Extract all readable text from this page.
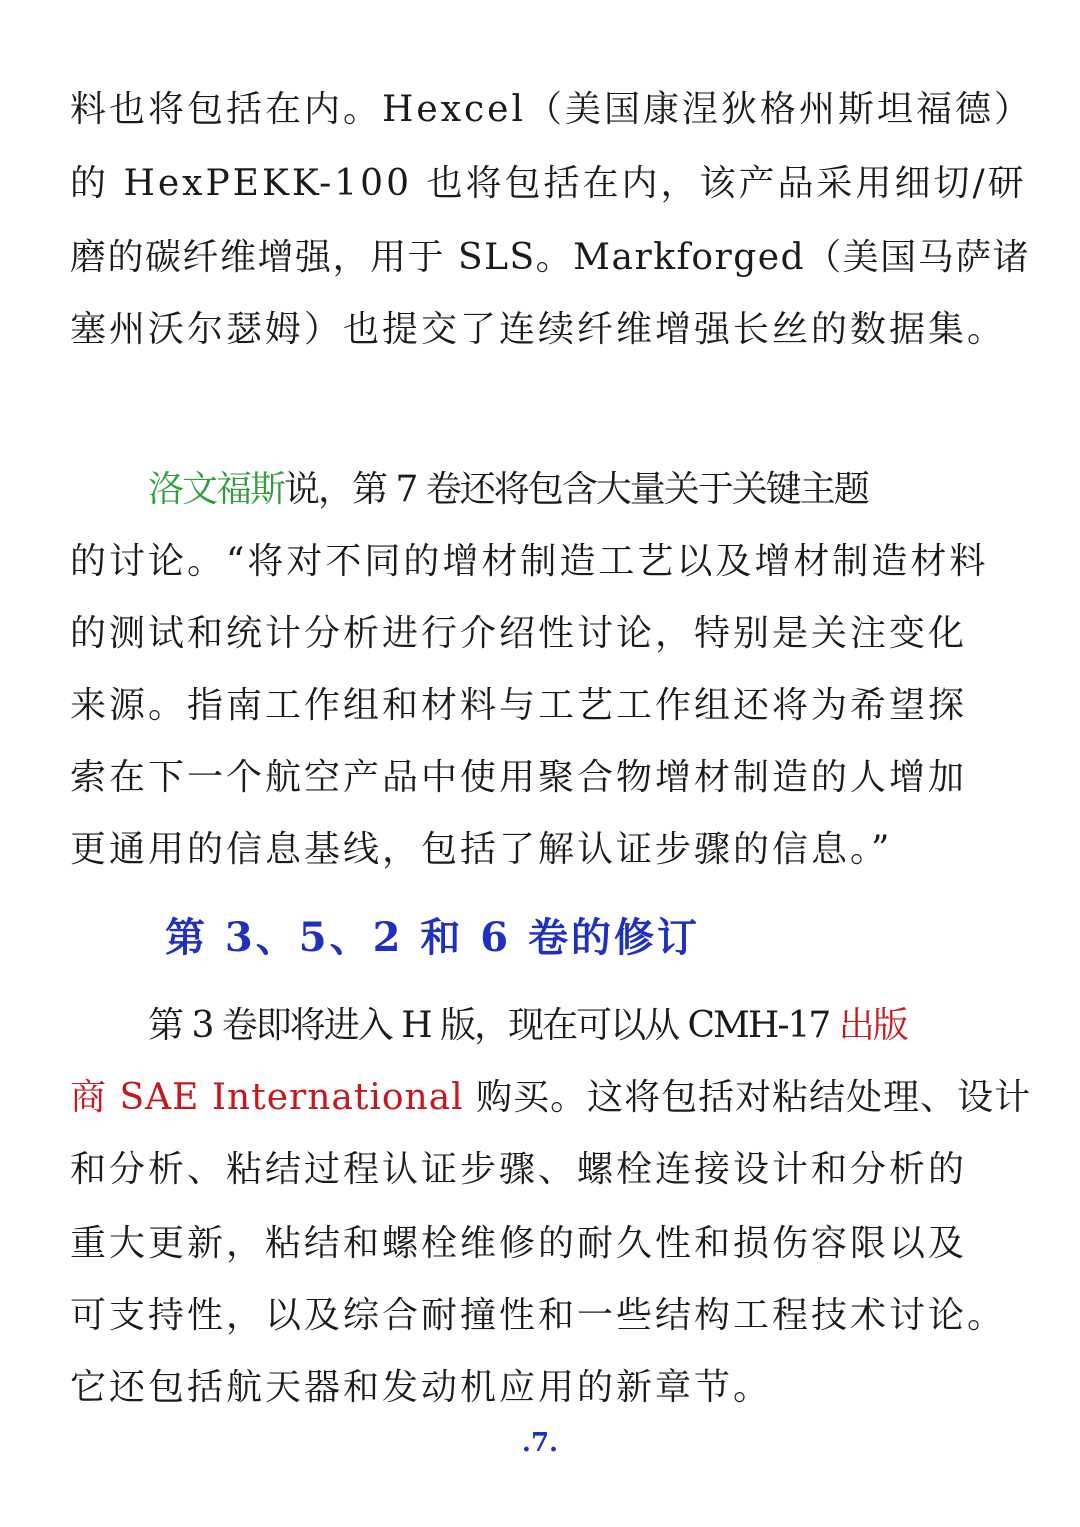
料也将包括在内。Hexcel（美国康涅狄格州斯坦福德）
的 HexPEKK-100 也将包括在内，该产品采用细切/研
磨的碳纤维增强，用于 SLS。Markforged（美国马萨诸
塞州沃尔瑟姆）也提交了连续纤维增强长丝的数据集。
洛文福斯说，第 7 卷还将包含大量关于关键主题
的讨论。“将对不同的增材制造工艺以及增材制造材料
的测试和统计分析进行介绍性讨论，特别是关注变化
来源。指南工作组和材料与工艺工作组还将为希望探
索在下一个航空产品中使用聚合物增材制造的人增加
更通用的信息基线，包括了解认证步骤的信息。”
第 3、5、2 和 6 卷的修订
第 3 卷即将进入 H 版，现在可以从 CMH-17 出版
商 SAE International 购买。这将包括对粘结处理、设计
和分析、粘结过程认证步骤、螺栓连接设计和分析的
重大更新，粘结和螺栓维修的耐久性和损伤容限以及
可支持性，以及综合耐撞性和一些结构工程技术讨论。
它还包括航天器和发动机应用的新章节。
.7.
